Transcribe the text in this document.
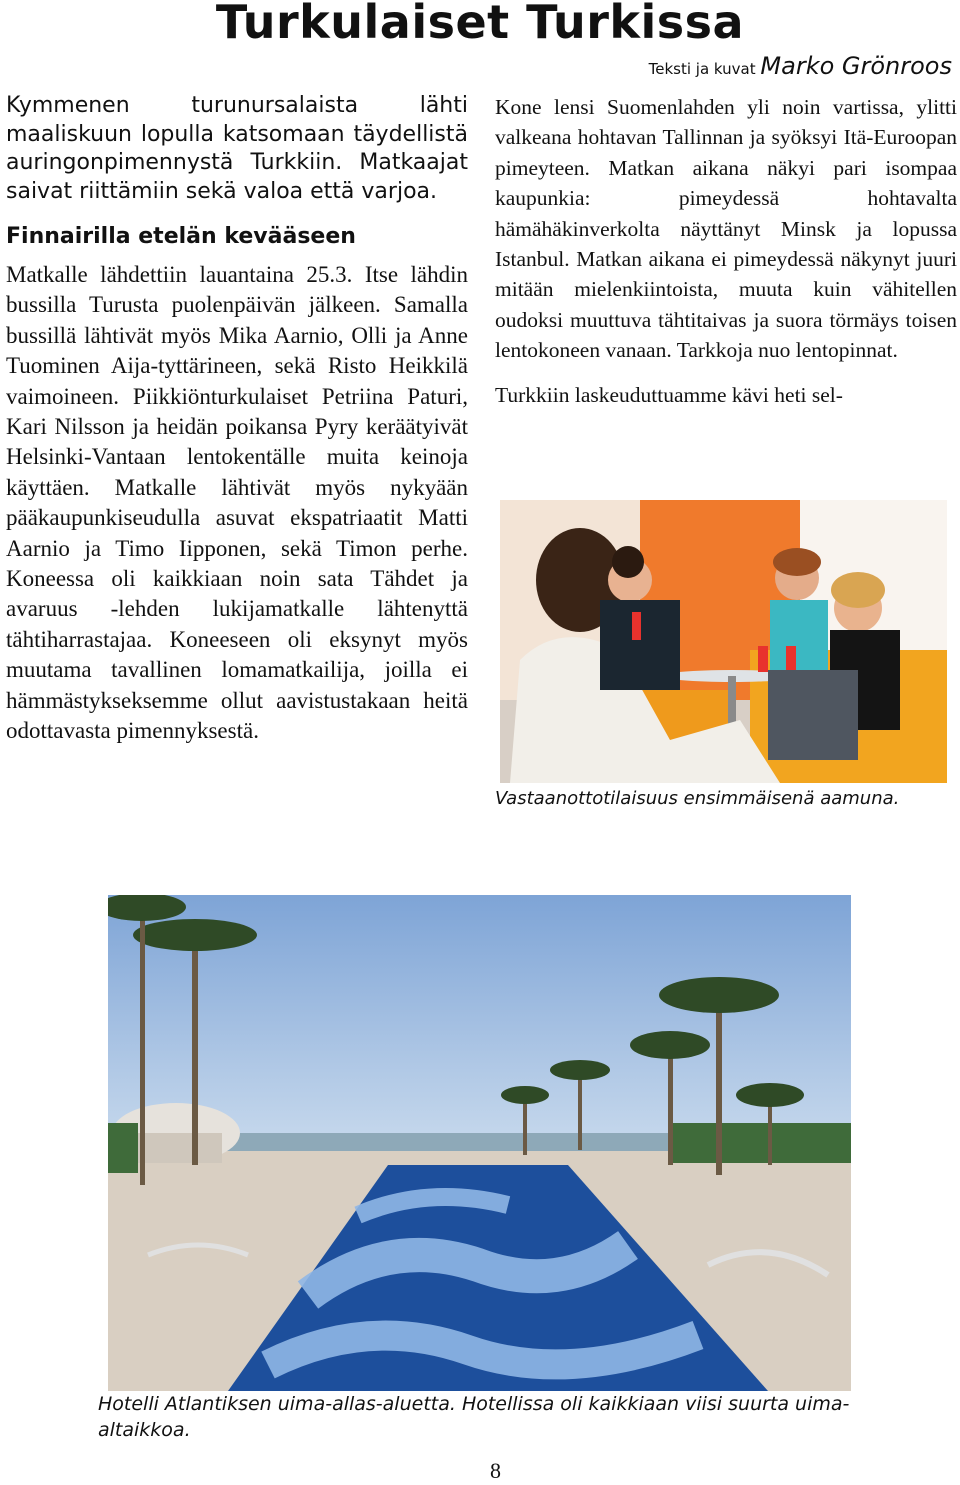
Turkulaiset Turkissa
Teksti ja kuvat Marko Grönroos

Kymmenen turunursalaista lähti maaliskuun lopulla katsomaan täydellistä auringonpimennystä Turkkiin. Matkaajat saivat riittämiin sekä valoa että varjoa.

Finnairilla etelän kevääseen

Matkalle lähdettiin lauantaina 25.3. Itse lähdin bussilla Turusta puolenpäivän jälkeen. Samalla bussillä lähtivät myös Mika Aarnio, Olli ja Anne Tuominen Aija-tyttärineen, sekä Risto Heikkilä vaimoineen. Piikkiönturkulaiset Petriina Paturi, Kari Nilsson ja heidän poikansa Pyry keräätyivät Helsinki-Vantaan lentokentälle muita keinoja käyttäen. Matkalle lähtivät myös nykyään pääkaupunkiseudulla asuvat ekspatriaatit Matti Aarnio ja Timo Iipponen, sekä Timon perhe. Koneessa oli kaikkiaan noin sata Tähdet ja avaruus -lehden lukijamatkalle lähtenyttä tähtiharrastajaa. Koneeseen oli eksynyt myös muutama tavallinen lomamatkailija, joilla ei hämmästykseksemme ollut aavistustakaan heitä odottavasta pimennyksestä.

Kone lensi Suomenlahden yli noin vartissa, ylitti valkeana hohtavan Tallinnan ja syöksyi Itä-Euroopan pimeyteen. Matkan aikana näkyi pari isompaa kaupunkia: pimeydessä hohtavalta hämähäkinverkolta näyttänyt Minsk ja lopussa Istanbul. Matkan aikana ei pimeydessä näkynyt juuri mitään mielenkiintoista, muuta kuin vähitellen oudoksi muuttuva tähtitaivas ja suora törmäys toisen lentokoneen vanaan. Tarkkoja nuo lentopinnat.

Turkkiin laskeuduttuamme kävi heti sel-

Vastaanottotilaisuus ensimmäisenä aamuna.
Hotelli Atlantiksen uima-allas-aluetta. Hotellissa oli kaikkiaan viisi suurta uima-altaikkoa.
8
